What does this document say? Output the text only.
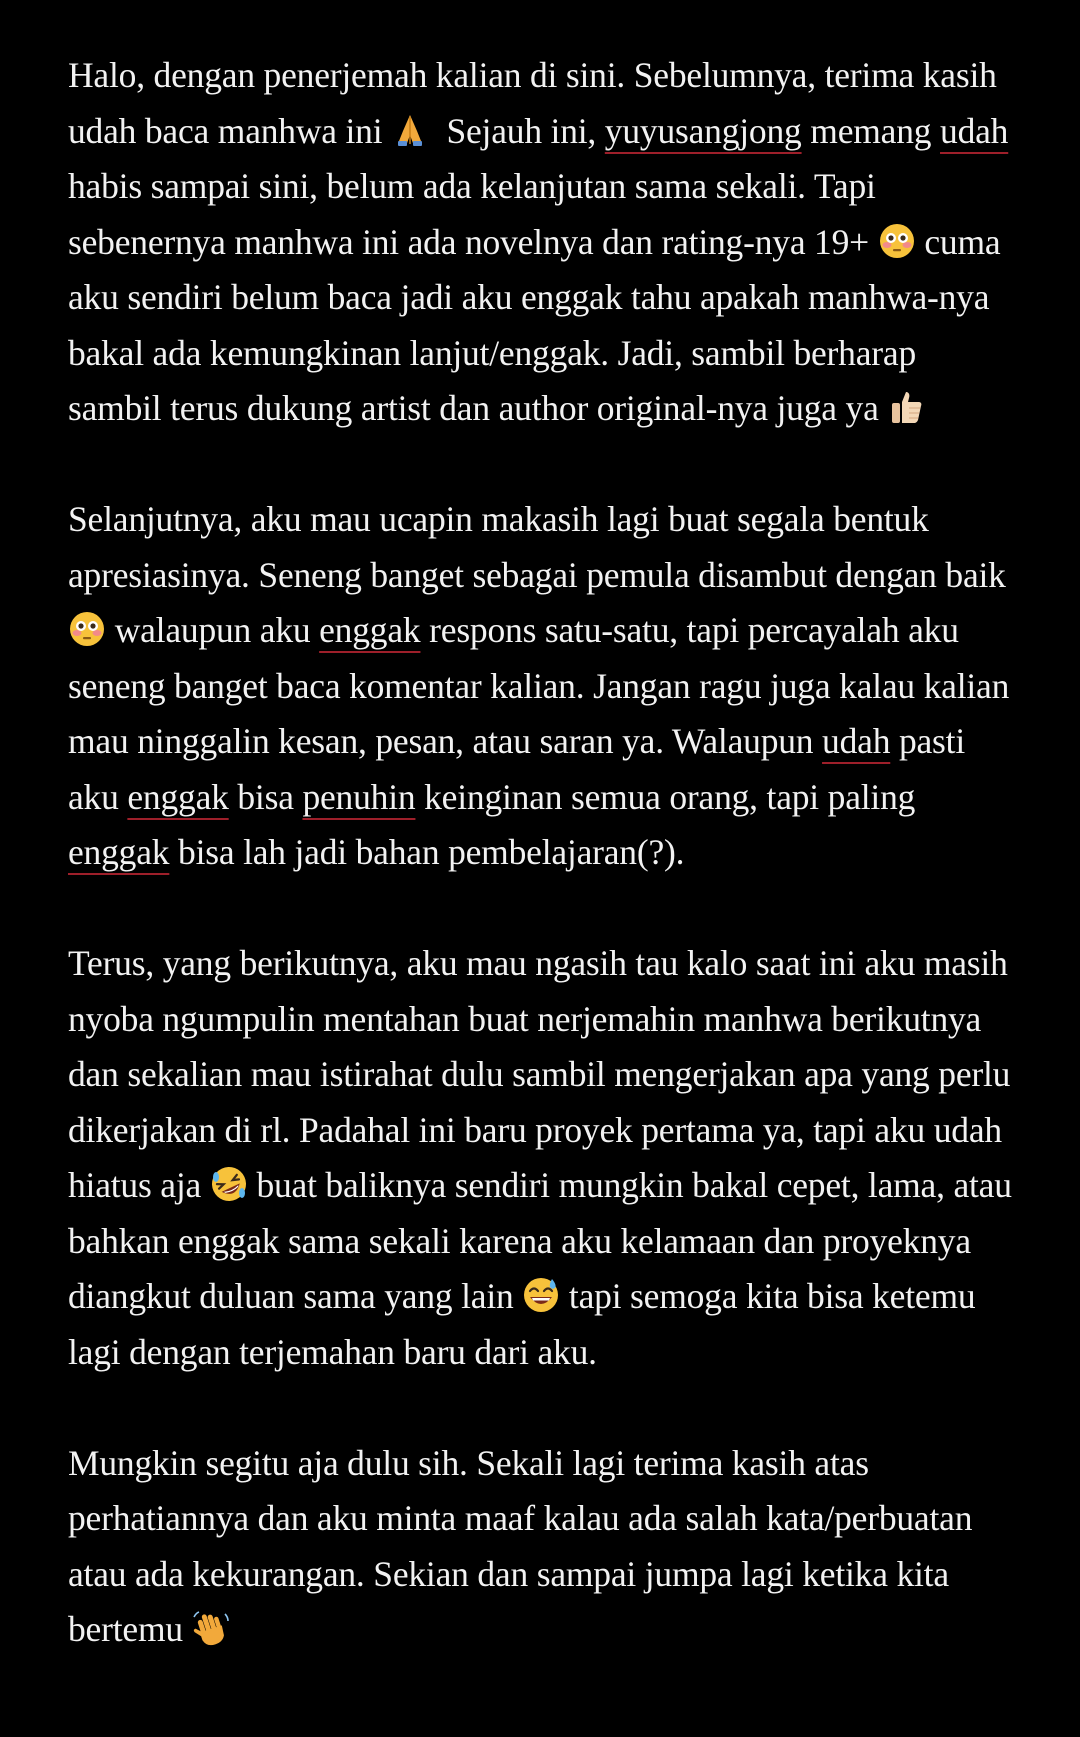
Halo, dengan penerjemah kalian di sini. Sebelumnya, terima kasih udah baca manhwa ini Sejauh ini, yuyusangjong memang udah habis sampai sini, belum ada kelanjutan sama sekali. Tapi sebenernya manhwa ini ada novelnya dan rating-nya 19+ cuma aku sendiri belum baca jadi aku enggak tahu apakah manhwa-nya bakal ada kemungkinan lanjut/enggak. Jadi, sambil berharap sambil terus dukung artist dan author original-nya juga ya

Selanjutnya, aku mau ucapin makasih lagi buat segala bentuk apresiasinya. Seneng banget sebagai pemula disambut dengan baik
walaupun aku enggak respons satu-satu, tapi percayalah aku seneng banget baca komentar kalian. Jangan ragu juga kalau kalian mau ninggalin kesan, pesan, atau saran ya. Walaupun udah pasti aku enggak bisa penuhin keinginan semua orang, tapi paling enggak bisa lah jadi bahan pembelajaran(?).

Terus, yang berikutnya, aku mau ngasih tau kalo saat ini aku masih nyoba ngumpulin mentahan buat nerjemahin manhwa berikutnya dan sekalian mau istirahat dulu sambil mengerjakan apa yang perlu dikerjakan di rl. Padahal ini baru proyek pertama ya, tapi aku udah hiatus aja buat baliknya sendiri mungkin bakal cepet, lama, atau bahkan enggak sama sekali karena aku kelamaan dan proyeknya diangkut duluan sama yang lain tapi semoga kita bisa ketemu lagi dengan terjemahan baru dari aku.

Mungkin segitu aja dulu sih. Sekali lagi terima kasih atas perhatiannya dan aku minta maaf kalau ada salah kata/perbuatan atau ada kekurangan. Sekian dan sampai jumpa lagi ketika kita bertemu
